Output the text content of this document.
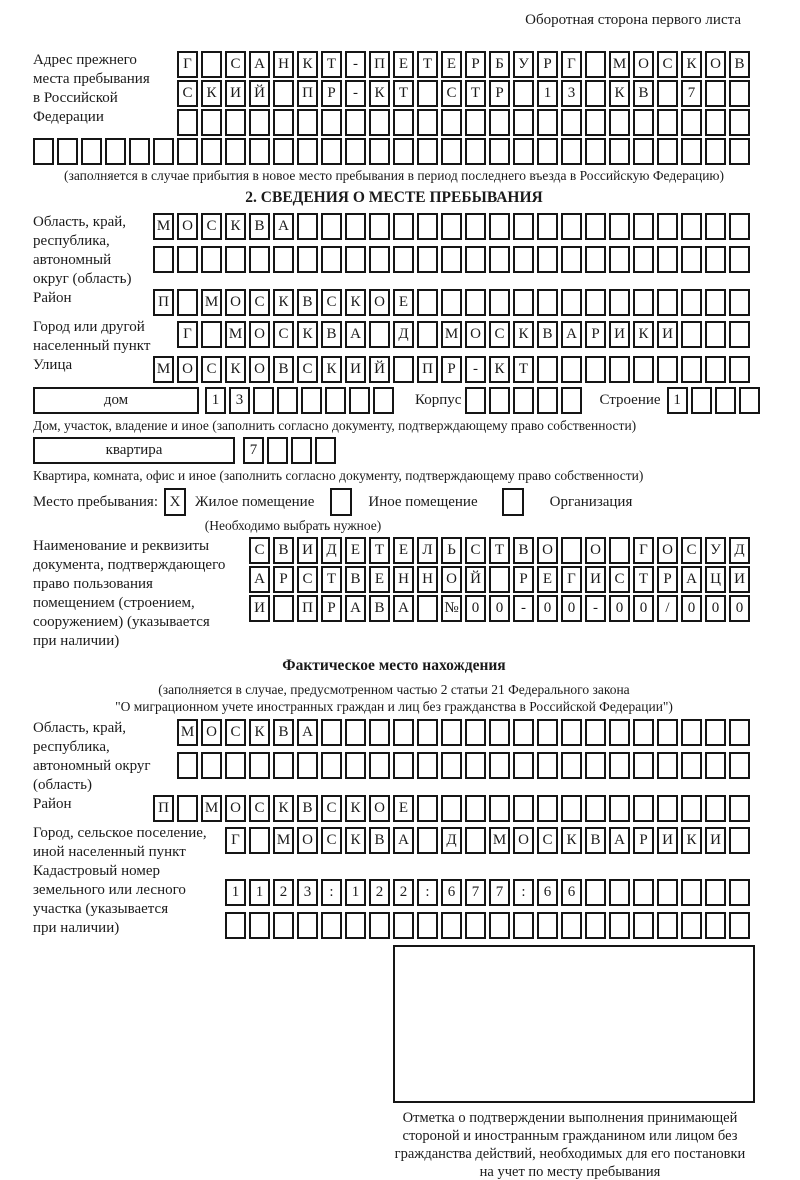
Оборотная сторона первого листа
Адрес прежнего
места пребывания
в Российской
Федерации
Г	С А Н К Т	-	П Е Т Е	Р	Б У Р	Г	М О С К О В
С К И Й	П Р	-	К Т	С Т	Р	1	3	К В	7
(заполняется в случае прибытия в новое место пребывания в период последнего въезда в Российскую Федерацию)
2. СВЕДЕНИЯ О МЕСТЕ ПРЕБЫВАНИЯ
Область, край,
республика,
автономный
округ (область)
М О С К В А
Район	П	М О С К В С К О Е
Город или другой
населенный пункт
Г	М О С К В А	Д	М О С К В А Р И К И
Улица	М О С К О В С К И Й	П Р	-	К Т
дом	1	3	Корпус	Строение 1
Дом, участок, владение и иное (заполнить согласно документу, подтверждающему право собственности)
квартира	7
Квартира, комната, офис и иное (заполнить согласно документу, подтверждающему право собственности)
Место пребывания: X Жилое помещение	Иное помещение	Организация
(Необходимо выбрать нужное)
Наименование и реквизиты
документа, подтверждающего
право пользования
помещением (строением,
сооружением) (указывается
при наличии)
С В И Д Е Т Е Л Ь С Т В О	О	Г О С У Д
А Р С Т В Е Н Н О Й	Р	Е	Г И С Т	Р А Ц И
И	П Р А В А	№ 0	0	-	0	0	-	0	0	/	0	0	0
Фактическое место нахождения
(заполняется в случае, предусмотренном частью 2 статьи 21 Федерального закона
"О миграционном учете иностранных граждан и лиц без гражданства в Российской Федерации")
Область, край,
республика,
автономный округ
(область)
М О С К В А
Район	П	М О С К В С К О Е
Город, сельское поселение,
иной населенный пункт
Г	М О С К В А	Д	М О С К В А Р И К И
Кадастровый номер
земельного или лесного
участка (указывается
при наличии)
1	1	2	3	:	1	2	2	:	6	7	7	:	6	6
Отметка о подтверждении выполнения принимающей
стороной и иностранным гражданином или лицом без
гражданства действий, необходимых для его постановки
на учет по месту пребывания
